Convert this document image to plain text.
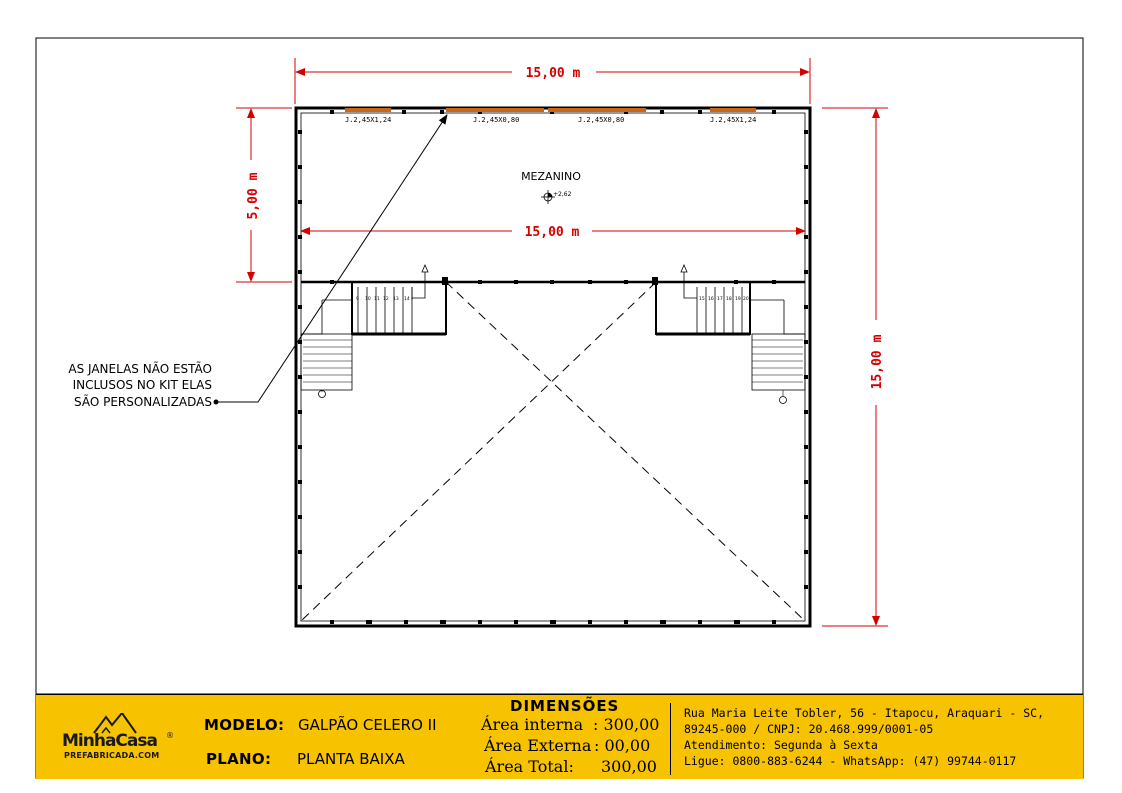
J.2,45X1,24	J.2,45X0,80	J.2,45X0,80	J.2,45X1,24
MEZANINO
+2,62
9 10 11 12 13 14	15 16 17 18 19 20
15,00 m
15,00 m
5,00 m
15,00 m
AS JANELAS NÃO ESTÃO
INCLUSOS NO KIT ELAS
SÃO PERSONALIZADAS
MinhaCasa ®
PREFABRICADA.COM
MODELO: GALPÃO CELERO II
PLANO: PLANTA BAIXA
DIMENSÕES
Área interna : 300,00
Área Externa : 00,00
Área Total: 300,00
Rua Maria Leite Tobler, 56 - Itapocu, Araquari - SC,
89245-000 / CNPJ: 20.468.999/0001-05
Atendimento: Segunda à Sexta
Ligue: 0800-883-6244 - WhatsApp: (47) 99744-0117
